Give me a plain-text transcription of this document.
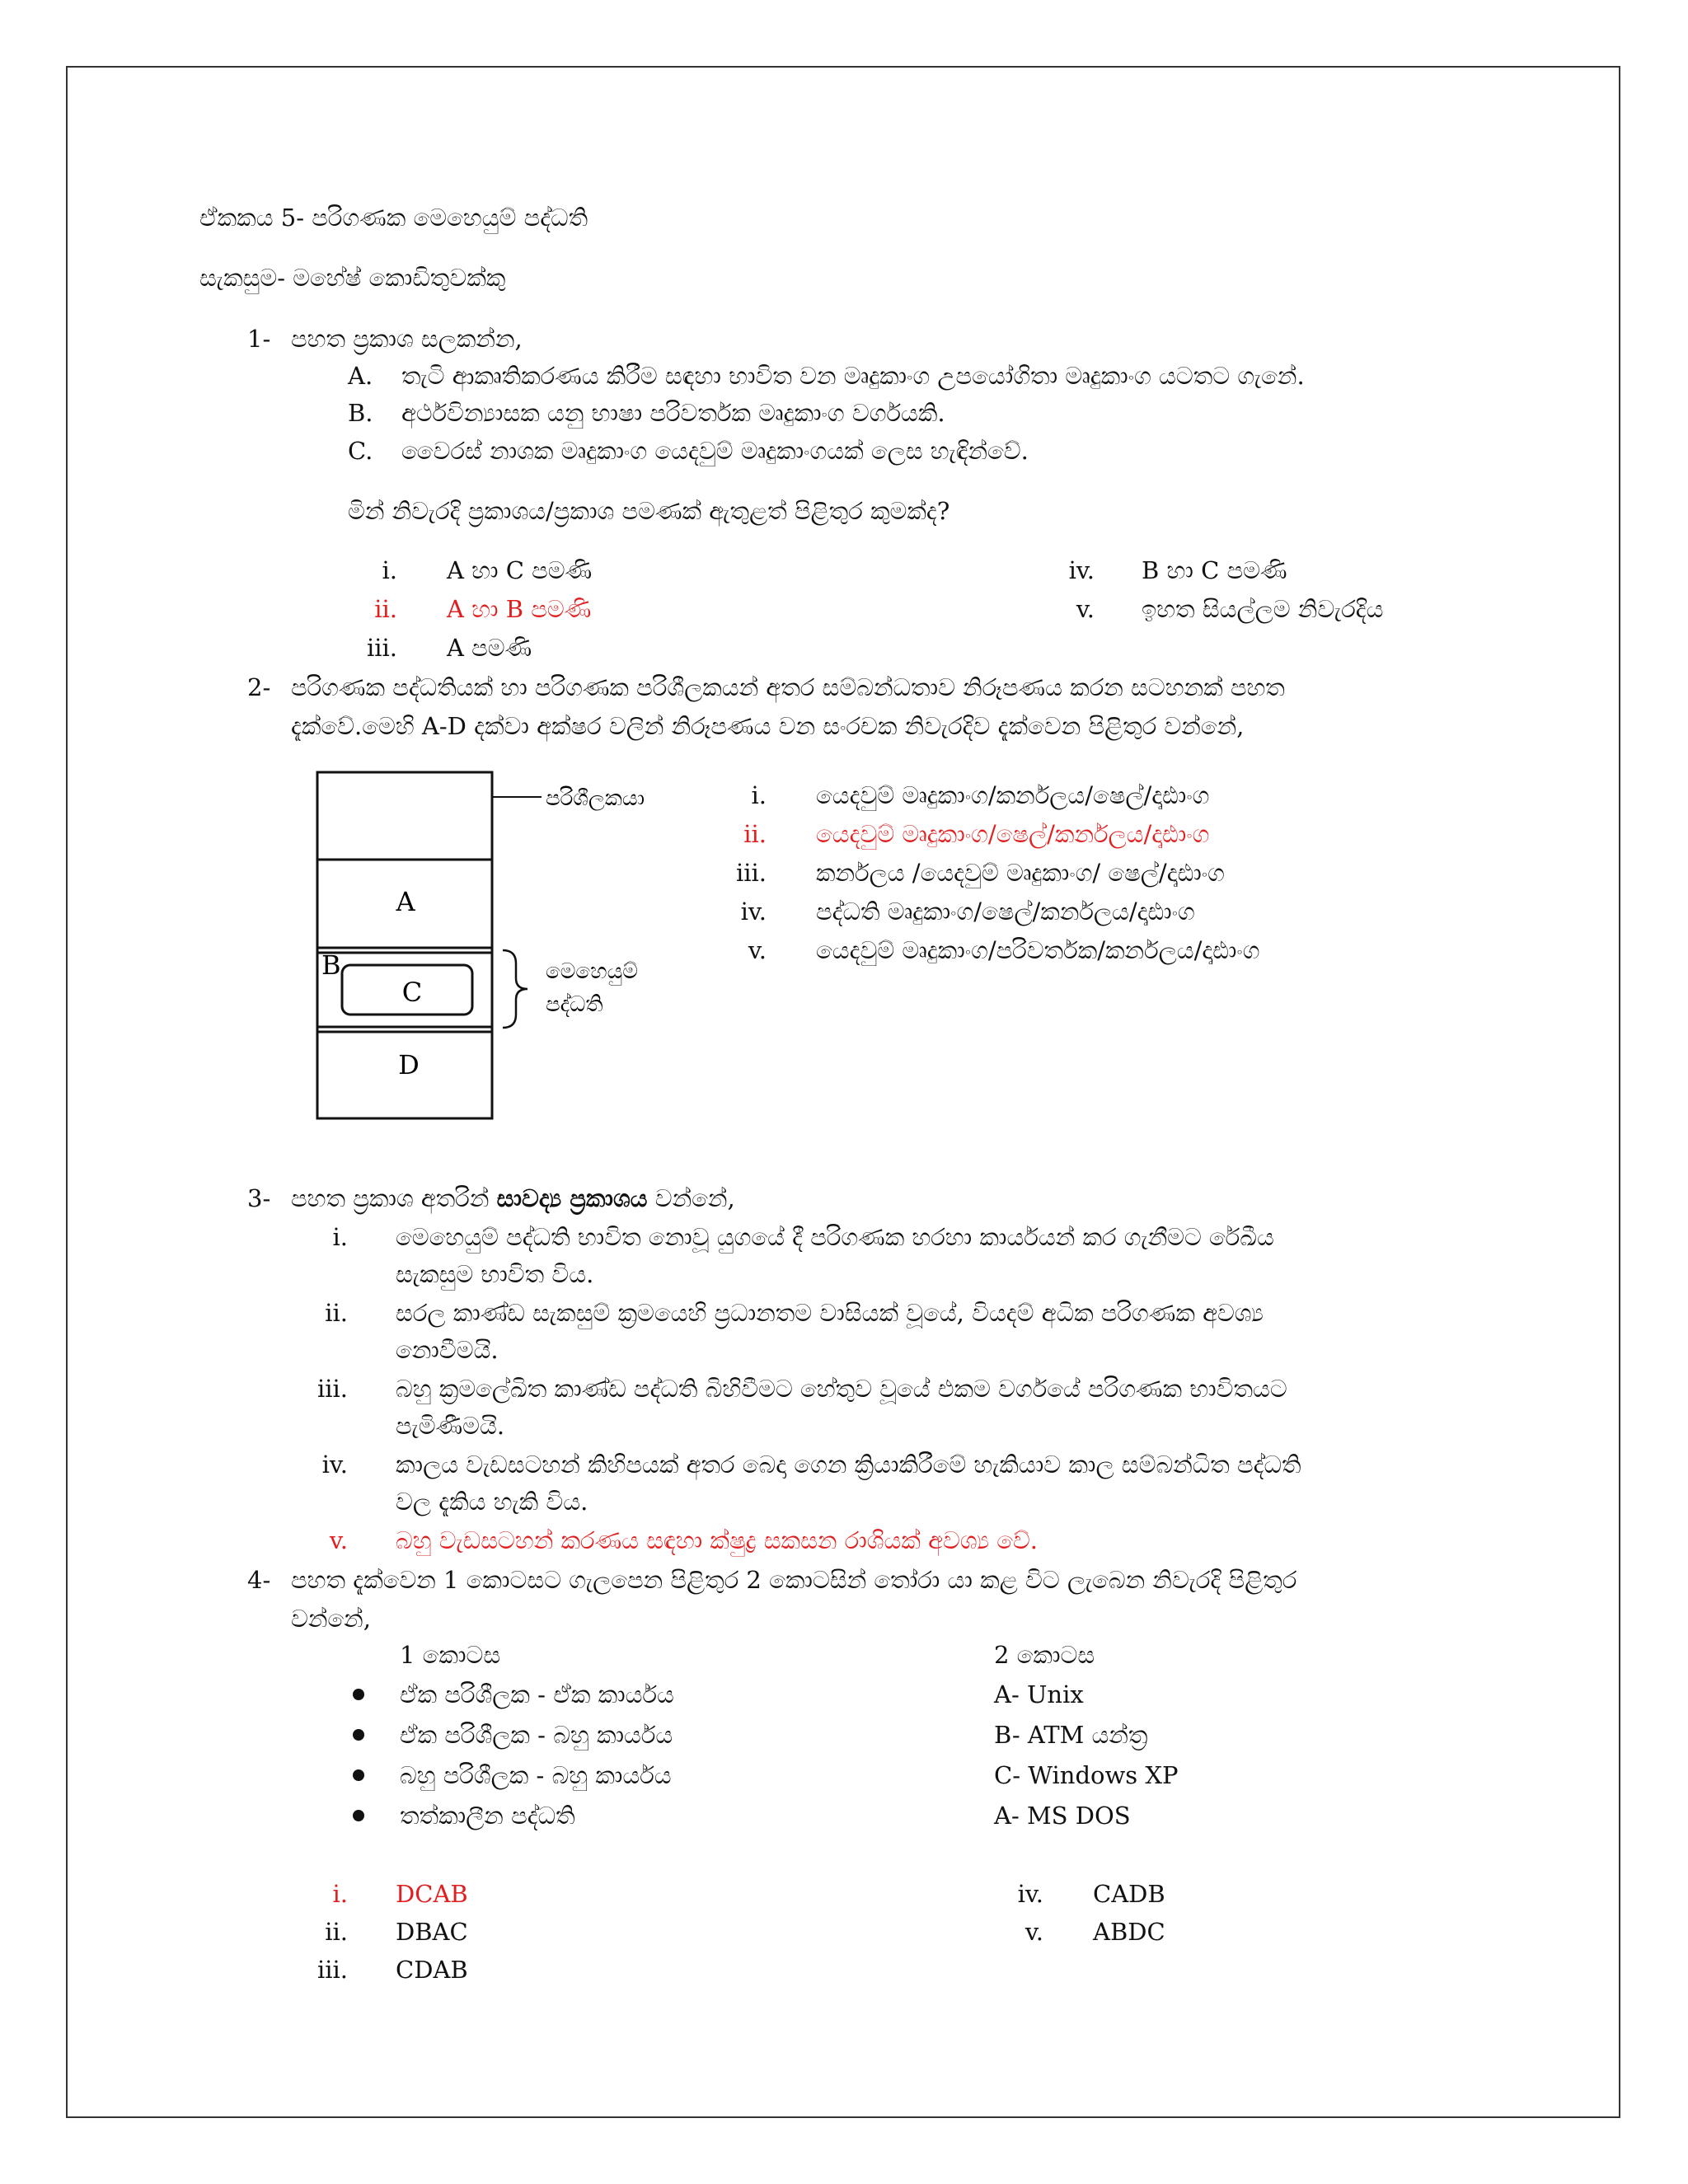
ඒකකය 5- පරිගණක මෙහෙයුම් පද්ධති
සැකසුම- මහේෂ් කොඩිතුවක්කු
1- පහත ප්‍රකාශ සලකන්න,
A. තැටි ආකෘතිකරණය කිරීම සඳහා භාවිත වන මෘදුකාංග උපයෝගිතා මෘදුකාංග යටතට ගැනේ.
B. අර්ථවින්‍යාසක යනු භාෂා පරිවර්තක මෘදුකාංග වර්ගයකි.
C. වෛරස් නාශක මෘදුකාංග යෙදවුම් මෘදුකාංගයක් ලෙස හැඳින්වේ.
මින් නිවැරදි ප්‍රකාශය/ප්‍රකාශ පමණක් ඇතුළත් පිළිතුර කුමක්ද?
i. A හා C පමණි
ii. A හා B පමණි
iii. A පමණි
iv. B හා C පමණි
v. ඉහත සියල්ලම නිවැරදිය
2- පරිගණක පද්ධතියක් හා පරිගණක පරිශීලකයන් අතර සම්බන්ධතාව නිරූපණය කරන සටහනක් පහත
දැක්වේ.මෙහි A-D දක්වා අක්ෂර වලින් නිරූපණය වන සංරචක නිවැරදිව දැක්වෙන පිළිතුර වන්නේ,
A
B
C
D
පරිශීලකයා
මෙහෙයුම්
පද්ධති
i. යෙදවුම් මෘදුකාංග/කර්නලය/ෂෙල්/දෘඪාංග
ii. යෙදවුම් මෘදුකාංග/ෂෙල්/කර්නලය/දෘඪාංග
iii. කර්නලය /යෙදවුම් මෘදුකාංග/ ෂෙල්/දෘඪාංග
iv. පද්ධති මෘදුකාංග/ෂෙල්/කර්නලය/දෘඪාංග
v. යෙදවුම් මෘදුකාංග/පරිවර්තක/කර්නලය/දෘඪාංග
3- පහත ප්‍රකාශ අතරින් සාවද්‍ය ප්‍රකාශය වන්නේ,
i. මෙහෙයුම් පද්ධති භාවිත නොවූ යුගයේ දී පරිගණක හරහා කාර්යයන් කර ගැනීමට රේඛීය
සැකසුම භාවිත විය.
ii. සරල කාණ්ඩ සැකසුම් ක්‍රමයෙහි ප්‍රධානතම වාසියක් වූයේ, වියදම් අධික පරිගණක අවශ්‍ය
නොවීමයි.
iii. බහු ක්‍රමලේඛිත කාණ්ඩ පද්ධති බිහිවීමට හේතුව වූයේ එකම වර්ගයේ පරිගණක භාවිතයට
පැමිණීමයි.
iv. කාලය වැඩසටහන් කිහිපයක් අතර බෙදා ගෙන ක්‍රියාකිරීමේ හැකියාව කාල සම්බන්ධිත පද්ධති
වල දැකිය හැකි විය.
v. බහු වැඩසටහන් කරණය සඳහා ක්ෂුද්‍ර සකසන රාශියක් අවශ්‍ය වේ.
4- පහත දැක්වෙන 1 කොටසට ගැලපෙන පිළිතුර 2 කොටසින් තෝරා යා කළ විට ලැබෙන නිවැරදි පිළිතුර
වන්නේ,
1 කොටස	2 කොටස
ඒක පරිශීලක - ඒක කාර්යය
ඒක පරිශීලක - බහු කාර්යය
බහු පරිශීලක - බහු කාර්යය
තත්කාලීන පද්ධති
A- Unix
B- ATM යන්ත්‍ර
C- Windows XP
A- MS DOS
i. DCAB
ii. DBAC
iii. CDAB
iv. CADB
v. ABDC
